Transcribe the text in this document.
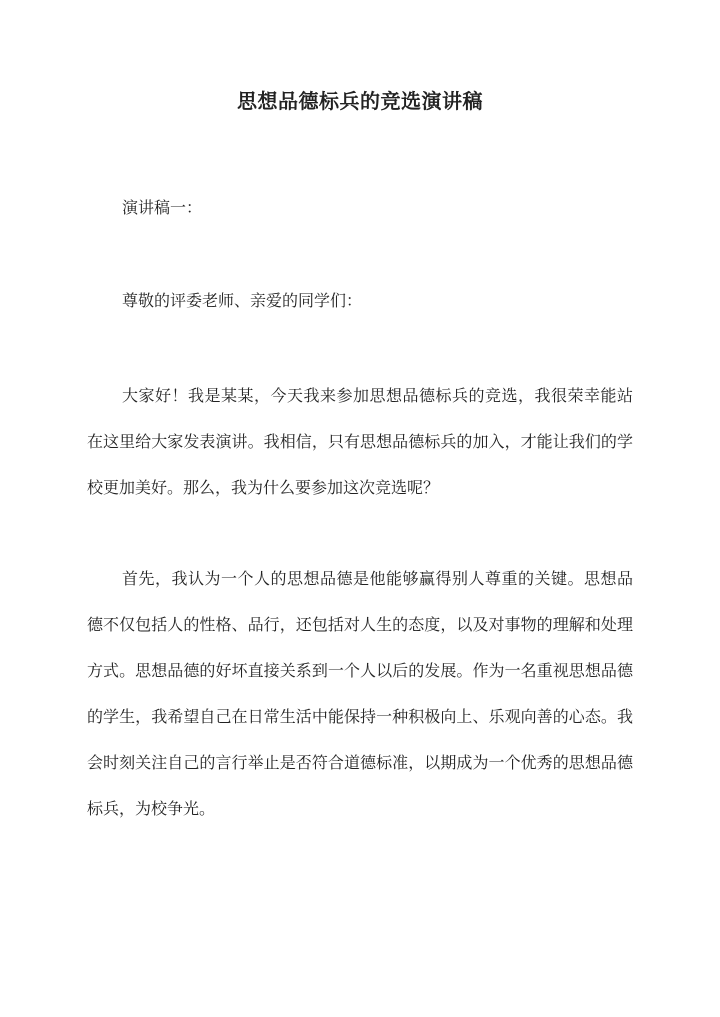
思想品德标兵的竞选演讲稿
演讲稿一：
尊敬的评委老师、亲爱的同学们：
大家好！我是某某，今天我来参加思想品德标兵的竞选，我很荣幸能站在这里给大家发表演讲。我相信，只有思想品德标兵的加入，才能让我们的学校更加美好。那么，我为什么要参加这次竞选呢？
首先，我认为一个人的思想品德是他能够赢得别人尊重的关键。思想品德不仅包括人的性格、品行，还包括对人生的态度，以及对事物的理解和处理方式。思想品德的好坏直接关系到一个人以后的发展。作为一名重视思想品德的学生，我希望自己在日常生活中能保持一种积极向上、乐观向善的心态。我会时刻关注自己的言行举止是否符合道德标准，以期成为一个优秀的思想品德标兵，为校争光。
